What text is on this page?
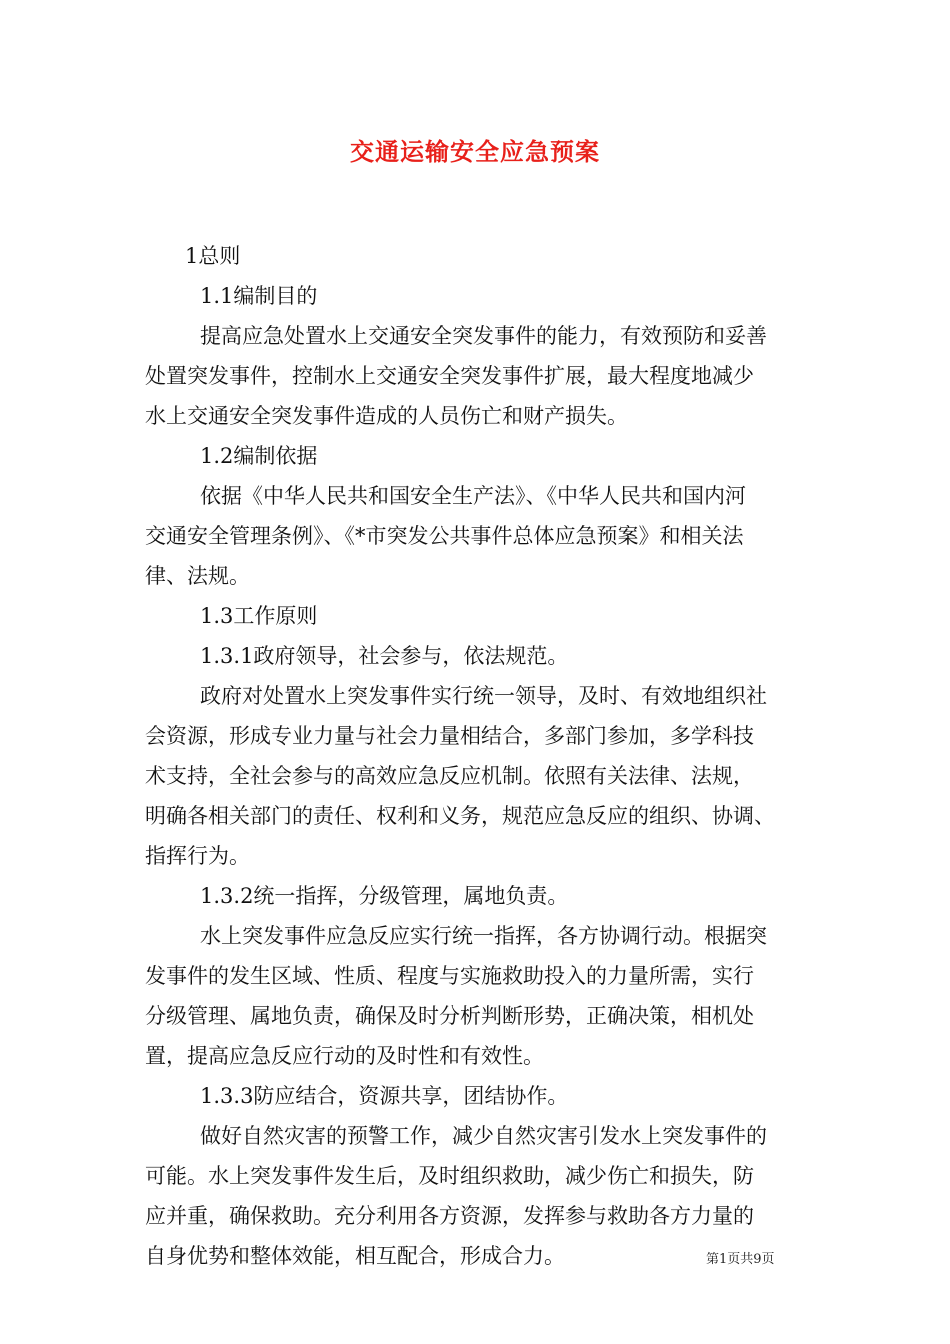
交通运输安全应急预案
1总则
1.1编制目的
提高应急处置水上交通安全突发事件的能力，有效预防和妥善
处置突发事件，控制水上交通安全突发事件扩展，最大程度地减少
水上交通安全突发事件造成的人员伤亡和财产损失。
1.2编制依据
依据《中华人民共和国安全生产法》、《中华人民共和国内河
交通安全管理条例》、《*市突发公共事件总体应急预案》和相关法
律、法规。
1.3工作原则
1.3.1政府领导，社会参与，依法规范。
政府对处置水上突发事件实行统一领导，及时、有效地组织社
会资源，形成专业力量与社会力量相结合，多部门参加，多学科技
术支持，全社会参与的高效应急反应机制。依照有关法律、法规，
明确各相关部门的责任、权利和义务，规范应急反应的组织、协调、
指挥行为。
1.3.2统一指挥，分级管理，属地负责。
水上突发事件应急反应实行统一指挥，各方协调行动。根据突
发事件的发生区域、性质、程度与实施救助投入的力量所需，实行
分级管理、属地负责，确保及时分析判断形势，正确决策，相机处
置，提高应急反应行动的及时性和有效性。
1.3.3防应结合，资源共享，团结协作。
做好自然灾害的预警工作，减少自然灾害引发水上突发事件的
可能。水上突发事件发生后，及时组织救助，减少伤亡和损失，防
应并重，确保救助。充分利用各方资源，发挥参与救助各方力量的
自身优势和整体效能，相互配合，形成合力。	第1页共9页
